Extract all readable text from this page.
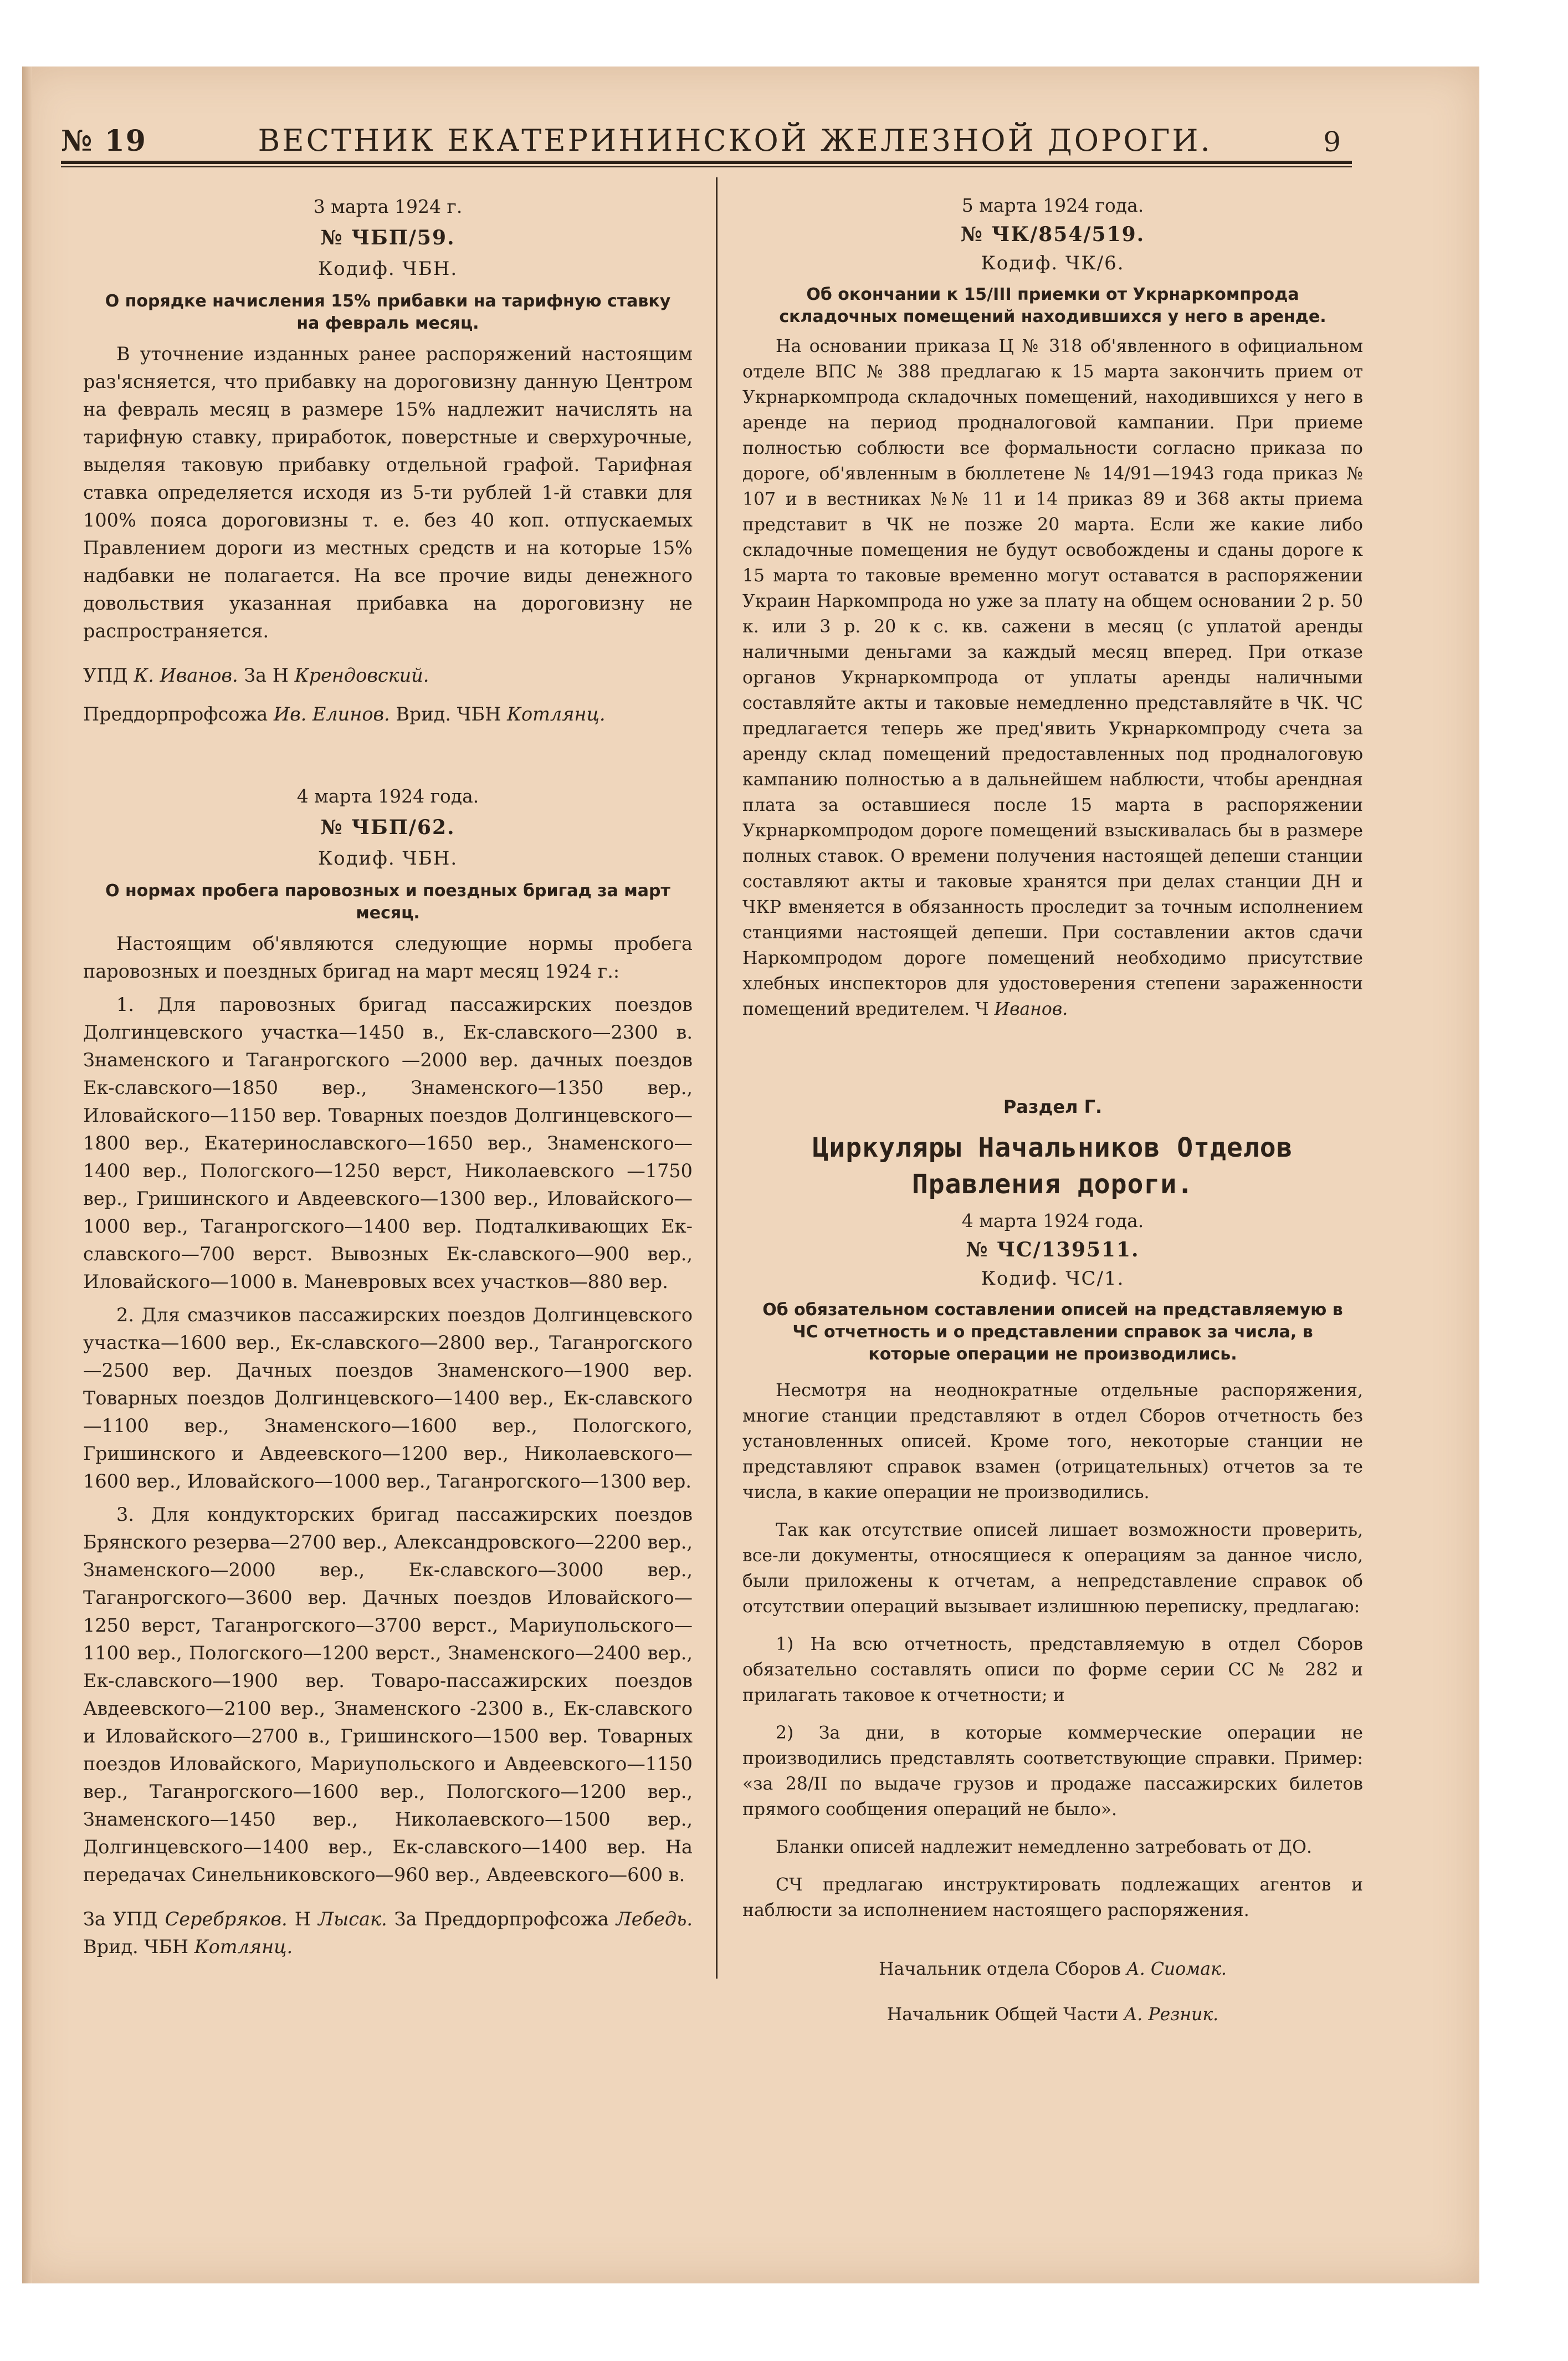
№ 19	ВЕСТНИК ЕКАТЕРИНИНСКОЙ ЖЕЛЕЗНОЙ ДОРОГИ.	9
3 марта 1924 г.
№ ЧБП/59.
Кодиф. ЧБН.
О порядке начисления 15% прибавки на тарифную ставку на февраль месяц.

В уточнение изданных ранее распоряжений настоящим раз'ясняется, что прибавку на дороговизну данную Центром на февраль месяц в размере 15% надлежит начислять на тарифную ставку, приработок, поверстные и сверхурочные, выделяя таковую прибавку отдельной графой. Тарифная ставка определяется исходя из 5-ти рублей 1-й ставки для 100% пояса дороговизны т. е. без 40 коп. отпускаемых Правлением дороги из местных средств и на которые 15% надбавки не полагается. На все прочие виды денежного довольствия указанная прибавка на дороговизну не распространяется.

УПД К. Иванов. За Н Крендовский.

Преддорпрофсожа Ив. Елинов. Врид. ЧБН Котлянц.

4 марта 1924 года.
№ ЧБП/62.
Кодиф. ЧБН.
О нормах пробега паровозных и поездных бригад за март месяц.

Настоящим об'являются следующие нормы пробега паровозных и поездных бригад на март месяц 1924 г.:

1. Для паровозных бригад пассажирских поездов Долгинцевского участка—1450 в., Ек-славского—2300 в. Знаменского и Таганрогского —2000 вер. дачных поездов Ек-славского—1850 вер., Знаменского—1350 вер., Иловайского—1150 вер. Товарных поездов Долгинцевского—1800 вер., Екатеринославского—1650 вер., Знаменского—1400 вер., Пологского—1250 верст, Николаевского —1750 вер., Гришинского и Авдеевского—1300 вер., Иловайского—1000 вер., Таганрогского—1400 вер. Подталкивающих Ек-славского—700 верст. Вывозных Ек-славского—900 вер., Иловайского—1000 в. Маневровых всех участков—880 вер.

2. Для смазчиков пассажирских поездов Долгинцевского участка—1600 вер., Ек-славского—2800 вер., Таганрогского—2500 вер. Дачных поездов Знаменского—1900 вер. Товарных поездов Долгинцевского—1400 вер., Ек-славского—1100 вер., Знаменского—1600 вер., Пологского, Гришинского и Авдеевского—1200 вер., Николаевского—1600 вер., Иловайского—1000 вер., Таганрогского—1300 вер.

3. Для кондукторских бригад пассажирских поездов Брянского резерва—2700 вер., Александровского—2200 вер., Знаменского—2000 вер., Ек-славского—3000 вер., Таганрогского—3600 вер. Дачных поездов Иловайского—1250 верст, Таганрогского—3700 верст., Мариупольского—1100 вер., Пологского—1200 верст., Знаменского—2400 вер., Ек-славского—1900 вер. Товаро-пассажирских поездов Авдеевского—2100 вер., Знаменского -2300 в., Ек-славского и Иловайского—2700 в., Гришинского—1500 вер. Товарных поездов Иловайского, Мариупольского и Авдеевского—1150 вер., Таганрогского—1600 вер., Пологского—1200 вер., Знаменского—1450 вер., Николаевского—1500 вер., Долгинцевского—1400 вер., Ек-славского—1400 вер. На передачах Синельниковского—960 вер., Авдеевского—600 в.

За УПД Серебряков. Н Лысак. За Преддорпрофсожа Лебедь. Врид. ЧБН Котлянц.

5 марта 1924 года.
№ ЧК/854/519.
Кодиф. ЧК/6.
Об окончании к 15/III приемки от Укрнаркомпрода складочных помещений находившихся у него в аренде.

На основании приказа Ц № 318 об'явленного в официальном отделе ВПС № 388 предлагаю к 15 марта закончить прием от Укрнаркомпрода складочных помещений, находившихся у него в аренде на период продналоговой кампании. При приеме полностью соблюсти все формальности согласно приказа по дороге, об'явленным в бюллетене № 14/91—1943 года приказ № 107 и в вестниках №№ 11 и 14 приказ 89 и 368 акты приема представит в ЧК не позже 20 марта. Если же какие либо складочные помещения не будут освобождены и сданы дороге к 15 марта то таковые временно могут оставатся в распоряжении Украин Наркомпрода но уже за плату на общем основании 2 р. 50 к. или 3 р. 20 к с. кв. сажени в месяц (с уплатой аренды наличными деньгами за каждый месяц вперед. При отказе органов Укрнаркомпрода от уплаты аренды наличными составляйте акты и таковые немедленно представляйте в ЧК. ЧС предлагается теперь же пред'явить Укрнаркомпроду счета за аренду склад помещений предоставленных под продналоговую кампанию полностью а в дальнейшем наблюсти, чтобы арендная плата за оставшиеся после 15 марта в распоряжении Укрнаркомпродом дороге помещений взыскивалась бы в размере полных ставок. О времени получения настоящей депеши станции составляют акты и таковые хранятся при делах станции ДН и ЧКР вменяется в обязанность проследит за точным исполнением станциями настоящей депеши. При составлении актов сдачи Наркомпродом дороге помещений необходимо присутствие хлебных инспекторов для удостоверения степени зараженности помещений вредителем. Ч Иванов.

Раздел Г.
Циркуляры Начальников Отделов Правления дороги.
4 марта 1924 года.
№ ЧС/139511.
Кодиф. ЧС/1.
Об обязательном составлении описей на представляемую в ЧС отчетность и о представлении справок за числа, в которые операции не производились.

Несмотря на неоднократные отдельные распоряжения, многие станции представляют в отдел Сборов отчетность без установленных описей. Кроме того, некоторые станции не представляют справок взамен (отрицательных) отчетов за те числа, в какие операции не производились.

Так как отсутствие описей лишает возможности проверить, все-ли документы, относящиеся к операциям за данное число, были приложены к отчетам, а непредставление справок об отсутствии операций вызывает излишнюю переписку, предлагаю:

1) На всю отчетность, представляемую в отдел Сборов обязательно составлять описи по форме серии СС № 282 и прилагать таковое к отчетности; и

2) За дни, в которые коммерческие операции не производились представлять соответствующие справки. Пример: «за 28/II по выдаче грузов и продаже пассажирских билетов прямого сообщения операций не было».

Бланки описей надлежит немедленно затребовать от ДО.

СЧ предлагаю инструктировать подлежащих агентов и наблюсти за исполнением настоящего распоряжения.

Начальник отдела Сборов А. Сиомак.

Начальник Общей Части А. Резник.
